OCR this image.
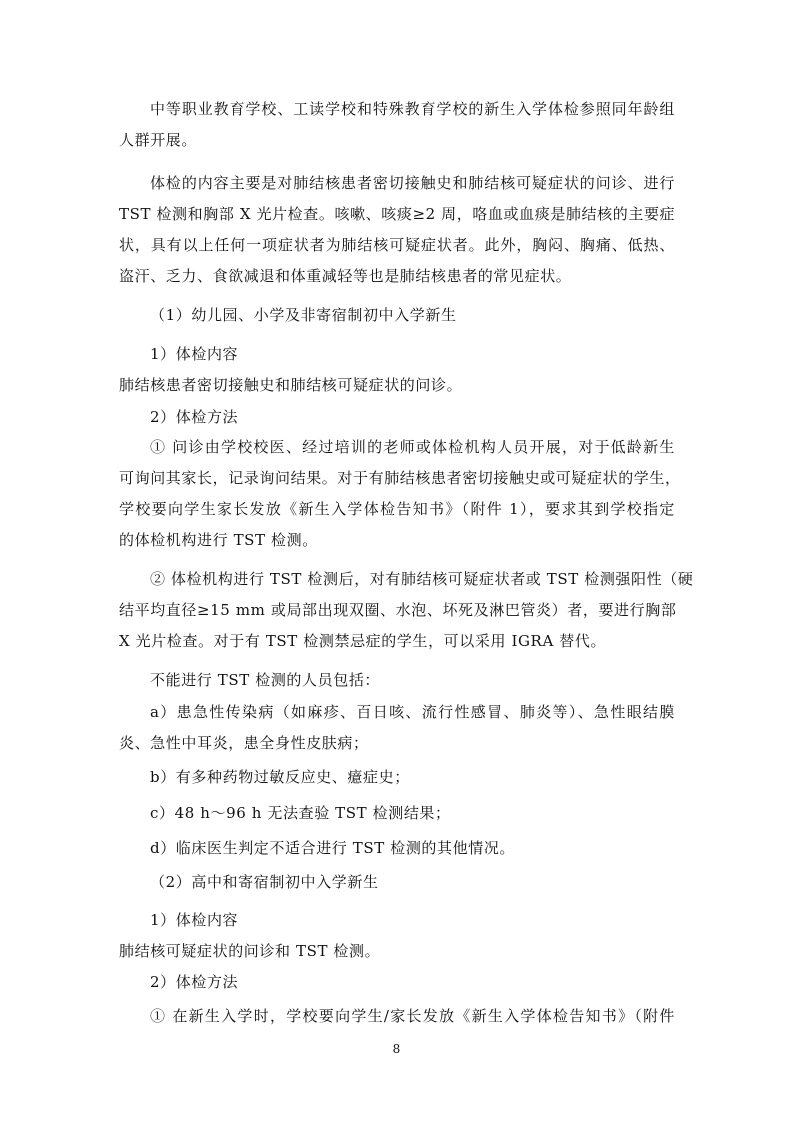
中等职业教育学校、工读学校和特殊教育学校的新生入学体检参照同年龄组
人群开展。
体检的内容主要是对肺结核患者密切接触史和肺结核可疑症状的问诊、进行
TST 检测和胸部 X 光片检查。咳嗽、咳痰≥2 周，咯血或血痰是肺结核的主要症
状，具有以上任何一项症状者为肺结核可疑症状者。此外，胸闷、胸痛、低热、
盗汗、乏力、食欲减退和体重减轻等也是肺结核患者的常见症状。
（1）幼儿园、小学及非寄宿制初中入学新生
1）体检内容
肺结核患者密切接触史和肺结核可疑症状的问诊。
2）体检方法
① 问诊由学校校医、经过培训的老师或体检机构人员开展，对于低龄新生
可询问其家长，记录询问结果。对于有肺结核患者密切接触史或可疑症状的学生，
学校要向学生家长发放《新生入学体检告知书》（附件 1），要求其到学校指定
的体检机构进行 TST 检测。
② 体检机构进行 TST 检测后，对有肺结核可疑症状者或 TST 检测强阳性（硬
结平均直径≥15 mm 或局部出现双圈、水泡、坏死及淋巴管炎）者，要进行胸部
X 光片检查。对于有 TST 检测禁忌症的学生，可以采用 IGRA 替代。
不能进行 TST 检测的人员包括：
a）患急性传染病（如麻疹、百日咳、流行性感冒、肺炎等）、急性眼结膜
炎、急性中耳炎，患全身性皮肤病；
b）有多种药物过敏反应史、癔症史；
c）48 h～96 h 无法查验 TST 检测结果；
d）临床医生判定不适合进行 TST 检测的其他情况。
（2）高中和寄宿制初中入学新生
1）体检内容
肺结核可疑症状的问诊和 TST 检测。
2）体检方法
① 在新生入学时，学校要向学生/家长发放《新生入学体检告知书》（附件
8
